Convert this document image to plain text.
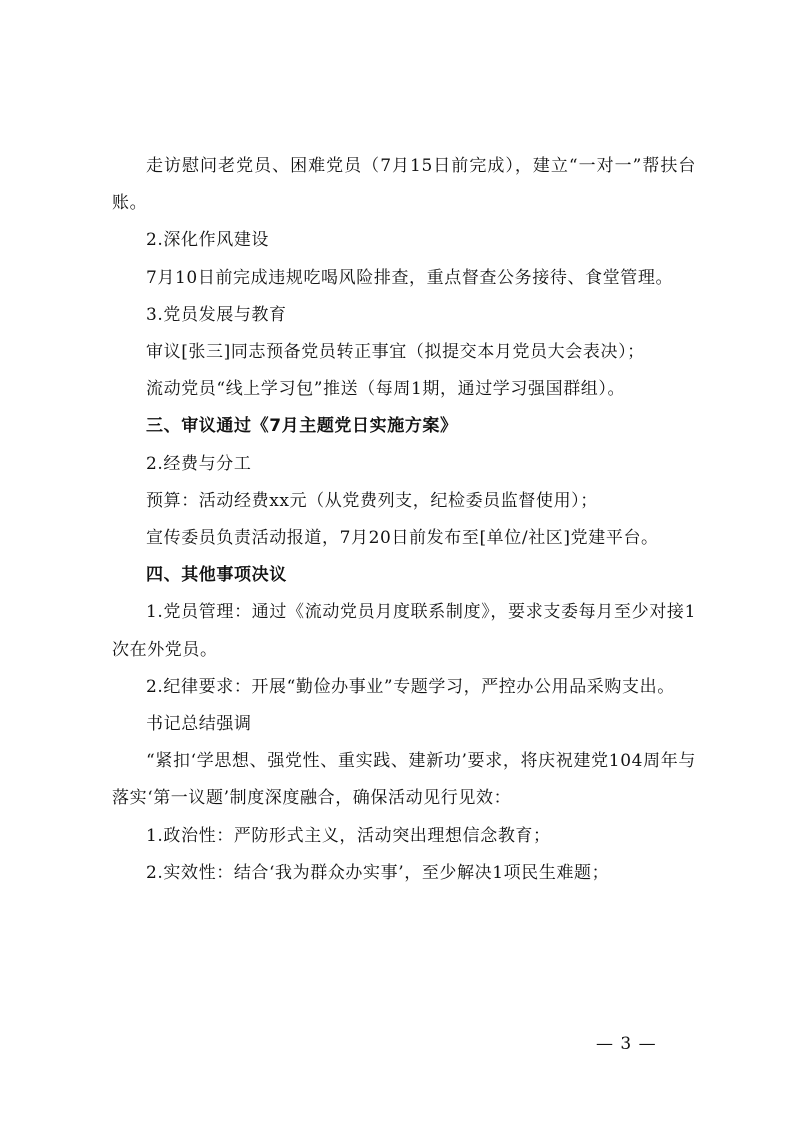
走访慰问老党员、困难党员（7月15日前完成），建立“一对一”帮扶台账。

2.深化作风建设

7月10日前完成违规吃喝风险排查，重点督查公务接待、食堂管理。

3.党员发展与教育

审议[张三]同志预备党员转正事宜（拟提交本月党员大会表决）；

流动党员“线上学习包”推送（每周1期，通过学习强国群组）。

三、审议通过《7月主题党日实施方案》

2.经费与分工

预算：活动经费xx元（从党费列支，纪检委员监督使用）；

宣传委员负责活动报道，7月20日前发布至[单位/社区]党建平台。

四、其他事项决议

1.党员管理：通过《流动党员月度联系制度》，要求支委每月至少对接1次在外党员。

2.纪律要求：开展“勤俭办事业”专题学习，严控办公用品采购支出。

书记总结强调

“紧扣‘学思想、强党性、重实践、建新功’要求，将庆祝建党104周年与落实‘第一议题’制度深度融合，确保活动见行见效：

1.政治性：严防形式主义，活动突出理想信念教育；

2.实效性：结合‘我为群众办实事’，至少解决1项民生难题；

— 3 —
